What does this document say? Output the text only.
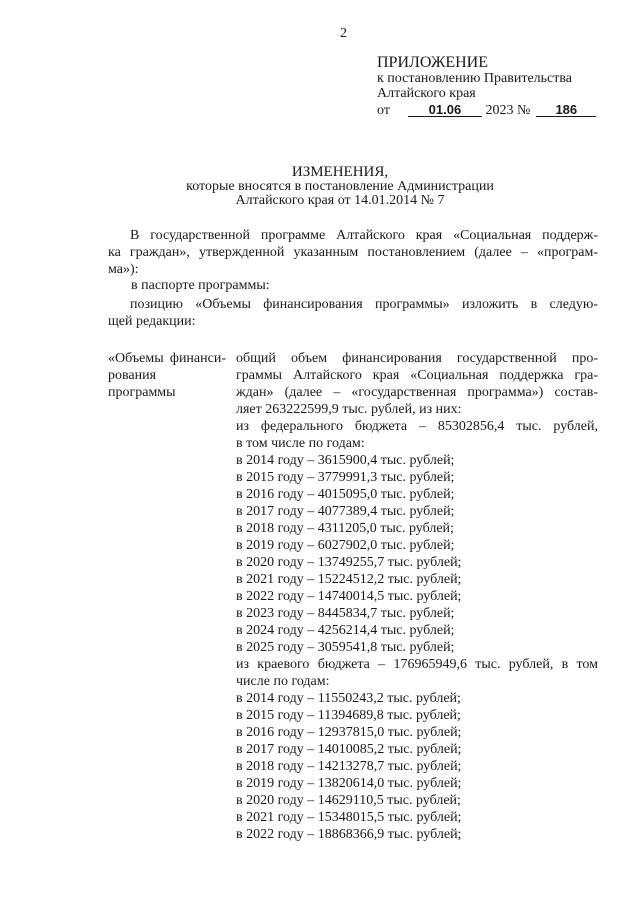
2
ПРИЛОЖЕНИЕ
к постановлению Правительства
Алтайского края
от	01.06 2023 № 186
ИЗМЕНЕНИЯ,
которые вносятся в постановление Администрации
Алтайского края от 14.01.2014 № 7
В государственной программе Алтайского края «Социальная поддерж-
ка граждан», утвержденной указанным постановлением (далее – «програм-
ма»):
в паспорте программы:
позицию «Объемы финансирования программы» изложить в следую-
щей редакции:
«Объемы финанси-
рования программы
общий объем финансирования государственной про-
граммы Алтайского края «Социальная поддержка гра-
ждан» (далее – «государственная программа») состав-
ляет 263222599,9 тыс. рублей, из них:
из федерального бюджета – 85302856,4 тыс. рублей,
в том числе по годам:
в 2014 году – 3615900,4 тыс. рублей;
в 2015 году – 3779991,3 тыс. рублей;
в 2016 году – 4015095,0 тыс. рублей;
в 2017 году – 4077389,4 тыс. рублей;
в 2018 году – 4311205,0 тыс. рублей;
в 2019 году – 6027902,0 тыс. рублей;
в 2020 году – 13749255,7 тыс. рублей;
в 2021 году – 15224512,2 тыс. рублей;
в 2022 году – 14740014,5 тыс. рублей;
в 2023 году – 8445834,7 тыс. рублей;
в 2024 году – 4256214,4 тыс. рублей;
в 2025 году – 3059541,8 тыс. рублей;
из краевого бюджета – 176965949,6 тыс. рублей, в том
числе по годам:
в 2014 году – 11550243,2 тыс. рублей;
в 2015 году – 11394689,8 тыс. рублей;
в 2016 году – 12937815,0 тыс. рублей;
в 2017 году – 14010085,2 тыс. рублей;
в 2018 году – 14213278,7 тыс. рублей;
в 2019 году – 13820614,0 тыс. рублей;
в 2020 году – 14629110,5 тыс. рублей;
в 2021 году – 15348015,5 тыс. рублей;
в 2022 году – 18868366,9 тыс. рублей;
